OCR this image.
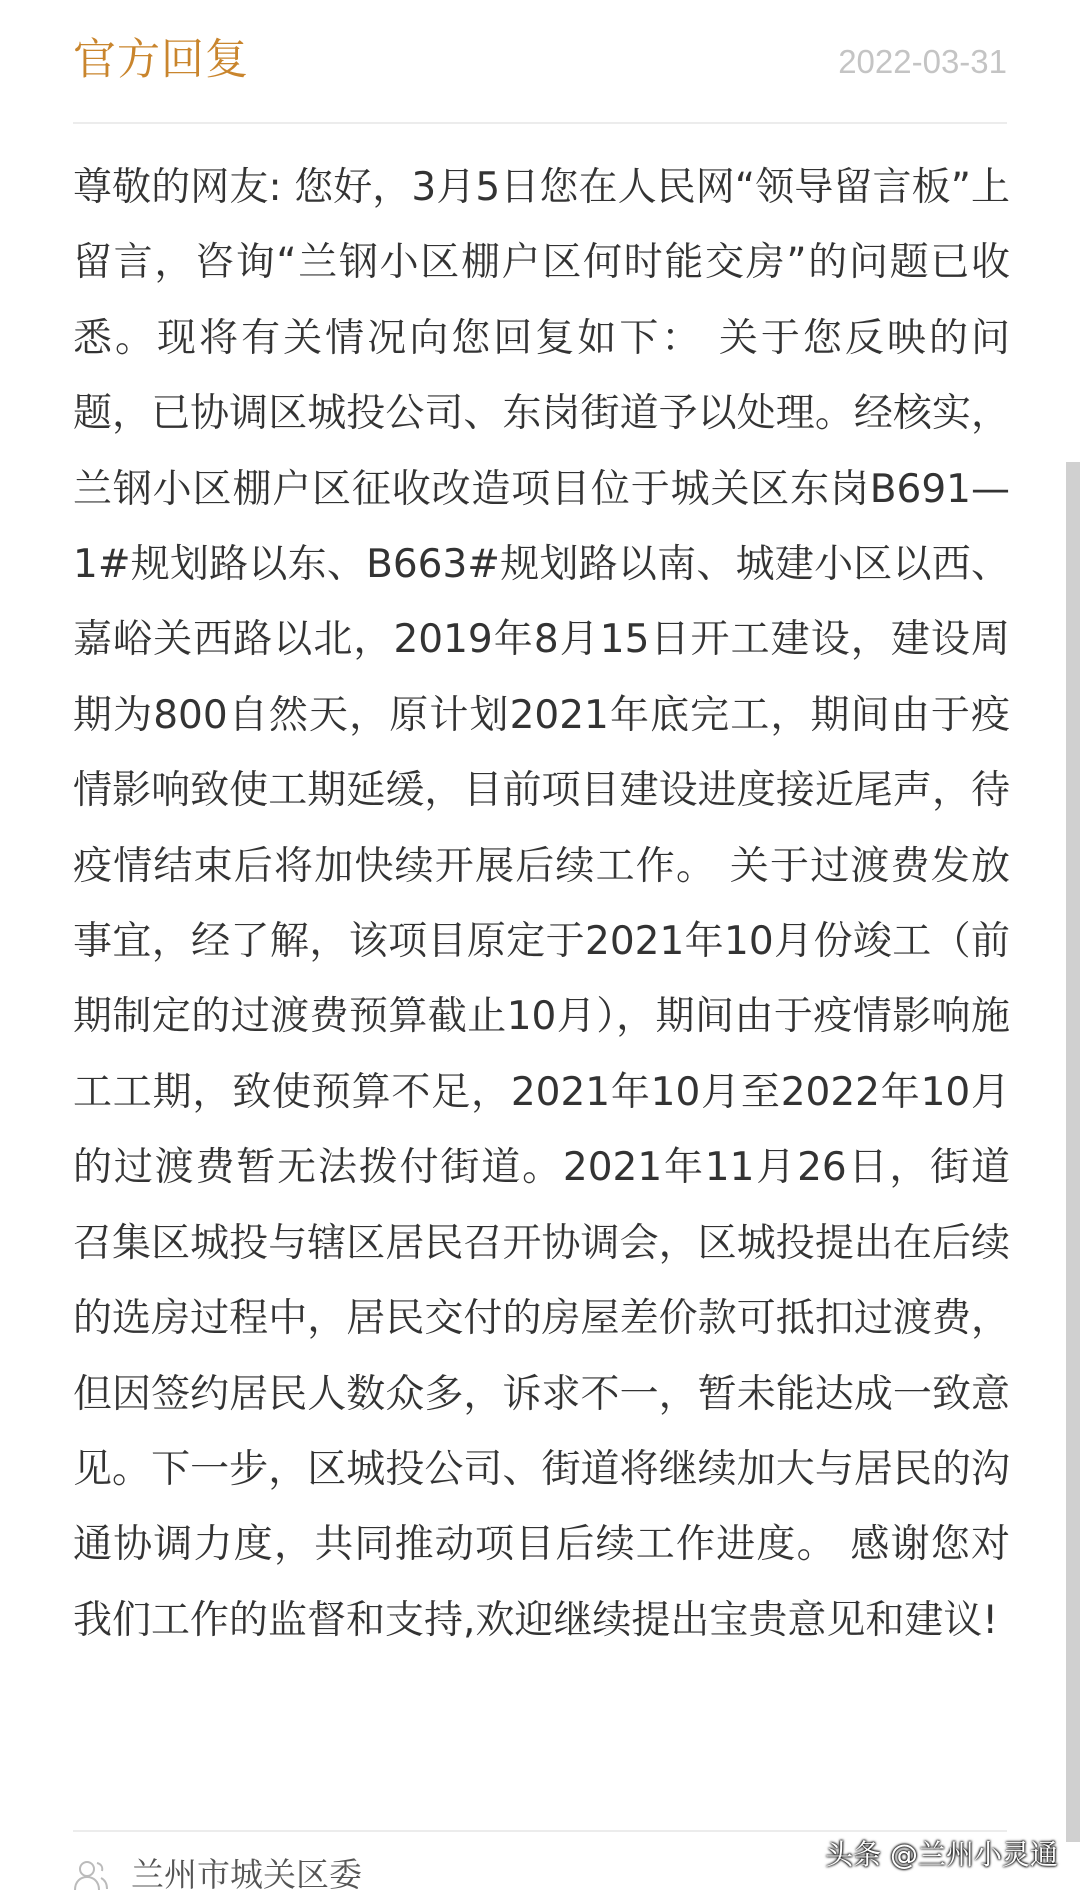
官方回复	2022-03-31

尊敬的网友: 您好，3月5日您在人民网“领导留言板”上留言，咨询“兰钢小区棚户区何时能交房”的问题已收悉。现将有关情况向您回复如下： 关于您反映的问题，已协调区城投公司、东岗街道予以处理。经核实，兰钢小区棚户区征收改造项目位于城关区东岗B691—1#规划路以东、B663#规划路以南、城建小区以西、嘉峪关西路以北，2019年8月15日开工建设，建设周期为800自然天，原计划2021年底完工，期间由于疫情影响致使工期延缓，目前项目建设进度接近尾声，待疫情结束后将加快续开展后续工作。 关于过渡费发放事宜，经了解，该项目原定于2021年10月份竣工（前期制定的过渡费预算截止10月），期间由于疫情影响施工工期，致使预算不足，2021年10月至2022年10月的过渡费暂无法拨付街道。2021年11月26日，街道召集区城投与辖区居民召开协调会，区城投提出在后续的选房过程中，居民交付的房屋差价款可抵扣过渡费，但因签约居民人数众多，诉求不一，暂未能达成一致意见。下一步，区城投公司、街道将继续加大与居民的沟通协调力度，共同推动项目后续工作进度。 感谢您对我们工作的监督和支持,欢迎继续提出宝贵意见和建议!

兰州市城关区委
头条 @兰州小灵通
